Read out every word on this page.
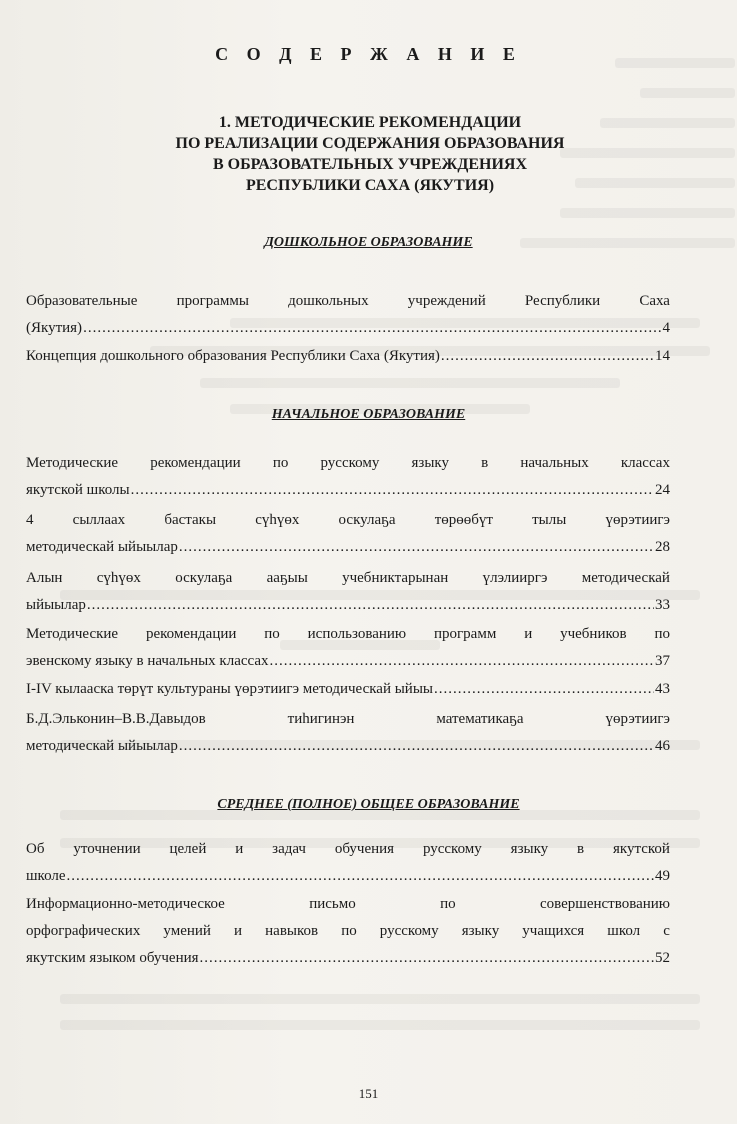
С О Д Е Р Ж А Н И Е
1. МЕТОДИЧЕСКИЕ РЕКОМЕНДАЦИИ
ПО РЕАЛИЗАЦИИ СОДЕРЖАНИЯ ОБРАЗОВАНИЯ
В ОБРАЗОВАТЕЛЬНЫХ УЧРЕЖДЕНИЯХ
РЕСПУБЛИКИ САХА (ЯКУТИЯ)
ДОШКОЛЬНОЕ ОБРАЗОВАНИЕ
Образовательные	программы	дошкольных	учреждений	Республики	Саха
(Якутия) .....	4
Концепция дошкольного образования Республики Саха (Якутия) .....	14
НАЧАЛЬНОЕ ОБРАЗОВАНИЕ
Методические рекомендации по русскому языку в начальных классах
якутской школы .....	24
4	сыллаах	бастакы	сүһүөх	оскулаҕа	төрөөбүт	тылы	үөрэтиигэ
методическай ыйыылар .....	28
Алын сүһүөх оскулаҕа ааҕыы учебниктарынан үлэлииргэ методическай
ыйыылар .....	33
Методические рекомендации по использованию программ и учебников по
эвенскому языку в начальных классах .....	37
I-IV кылааска төрүт культураны үөрэтиигэ методическай ыйыы .....	43
Б.Д.Эльконин–В.В.Давыдов	тиһигинэн	математикаҕа	үөрэтиигэ
методическай ыйыылар .....	46
СРЕДНЕЕ (ПОЛНОЕ) ОБЩЕЕ ОБРАЗОВАНИЕ
Об уточнении целей и задач обучения русскому языку в якутской
школе .....	49
Информационно-методическое	письмо	по	совершенствованию
орфографических умений и навыков по русскому языку учащихся школ с
якутским языком обучения .....	52
151
